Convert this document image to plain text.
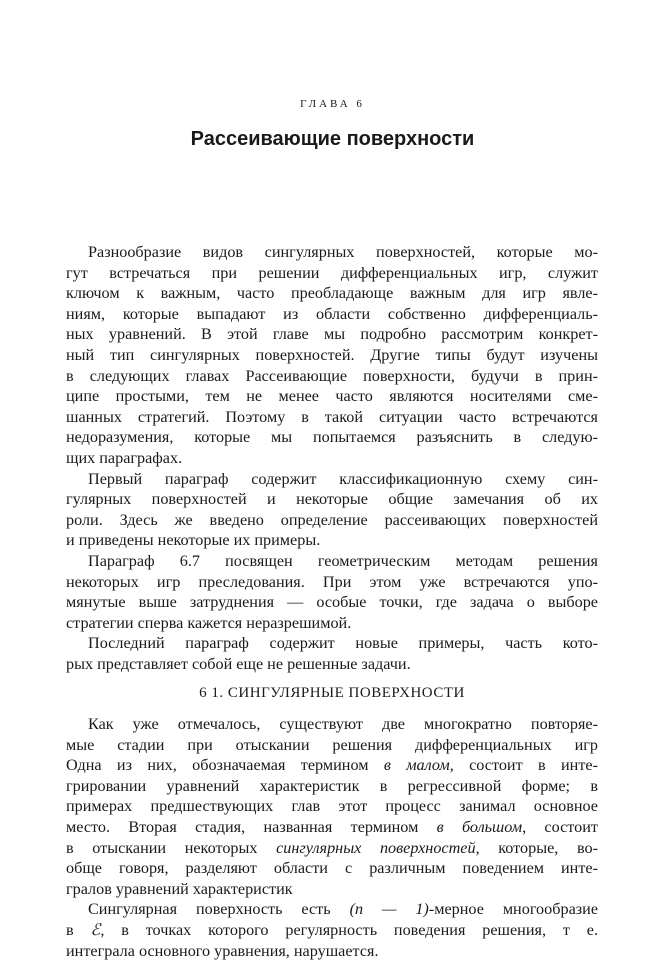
ГЛАВА 6
Рассеивающие поверхности
Разнообразие видов сингулярных поверхностей, которые мо-
гут встречаться при решении дифференциальных игр, служит
ключом к важным, часто преобладающе важным для игр явле-
ниям, которые выпадают из области собственно дифференциаль-
ных уравнений. В этой главе мы подробно рассмотрим конкрет-
ный тип сингулярных поверхностей. Другие типы будут изучены
в следующих главах Рассеивающие поверхности, будучи в прин-
ципе простыми, тем не менее часто являются носителями сме-
шанных стратегий. Поэтому в такой ситуации часто встречаются
недоразумения, которые мы попытаемся разъяснить в следую-
щих параграфах.
Первый параграф содержит классификационную схему син-
гулярных поверхностей и некоторые общие замечания об их
роли. Здесь же введено определение рассеивающих поверхностей
и приведены некоторые их примеры.
Параграф 6.7 посвящен геометрическим методам решения
некоторых игр преследования. При этом уже встречаются упо-
мянутые выше затруднения — особые точки, где задача о выборе
стратегии сперва кажется неразрешимой.
Последний параграф содержит новые примеры, часть кото-
рых представляет собой еще не решенные задачи.
6 1. СИНГУЛЯРНЫЕ ПОВЕРХНОСТИ
Как уже отмечалось, существуют две многократно повторяе-
мые стадии при отыскании решения дифференциальных игр
Одна из них, обозначаемая термином в малом, состоит в инте-
грировании уравнений характеристик в регрессивной форме; в
примерах предшествующих глав этот процесс занимал основное
место. Вторая стадия, названная термином в большом, состоит
в отыскании некоторых сингулярных поверхностей, которые, во-
обще говоря, разделяют области с различным поведением инте-
гралов уравнений характеристик
Сингулярная поверхность есть (n — 1)-мерное многообразие
в ℰ, в точках которого регулярность поведения решения, т е.
интеграла основного уравнения, нарушается.
